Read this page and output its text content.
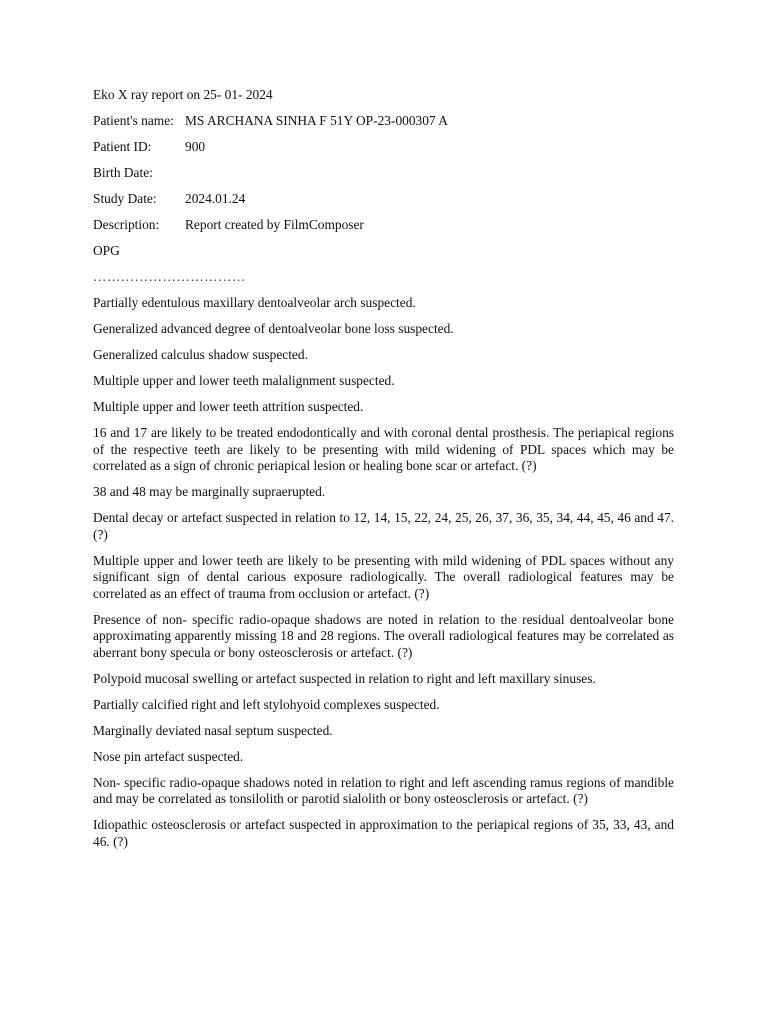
Eko X ray report on 25- 01- 2024

Patient's name: MS ARCHANA SINHA F 51Y OP-23-000307 A

Patient ID:	900

Birth Date:

Study Date: 2024.01.24

Description: Report created by FilmComposer

OPG

……………………………

Partially edentulous maxillary dentoalveolar arch suspected.

Generalized advanced degree of dentoalveolar bone loss suspected.

Generalized calculus shadow suspected.

Multiple upper and lower teeth malalignment suspected.

Multiple upper and lower teeth attrition suspected.

16 and 17 are likely to be treated endodontically and with coronal dental prosthesis. The periapical regions of the respective teeth are likely to be presenting with mild widening of PDL spaces which may be correlated as a sign of chronic periapical lesion or healing bone scar or artefact. (?)

38 and 48 may be marginally supraerupted.

Dental decay or artefact suspected in relation to 12, 14, 15, 22, 24, 25, 26, 37, 36, 35, 34, 44, 45, 46 and 47. (?)

Multiple upper and lower teeth are likely to be presenting with mild widening of PDL spaces without any significant sign of dental carious exposure radiologically. The overall radiological features may be correlated as an effect of trauma from occlusion or artefact. (?)

Presence of non- specific radio-opaque shadows are noted in relation to the residual dentoalveolar bone approximating apparently missing 18 and 28 regions. The overall radiological features may be correlated as aberrant bony specula or bony osteosclerosis or artefact. (?)

Polypoid mucosal swelling or artefact suspected in relation to right and left maxillary sinuses.

Partially calcified right and left stylohyoid complexes suspected.

Marginally deviated nasal septum suspected.

Nose pin artefact suspected.

Non- specific radio-opaque shadows noted in relation to right and left ascending ramus regions of mandible and may be correlated as tonsilolith or parotid sialolith or bony osteosclerosis or artefact. (?)

Idiopathic osteosclerosis or artefact suspected in approximation to the periapical regions of 35, 33, 43, and 46. (?)
